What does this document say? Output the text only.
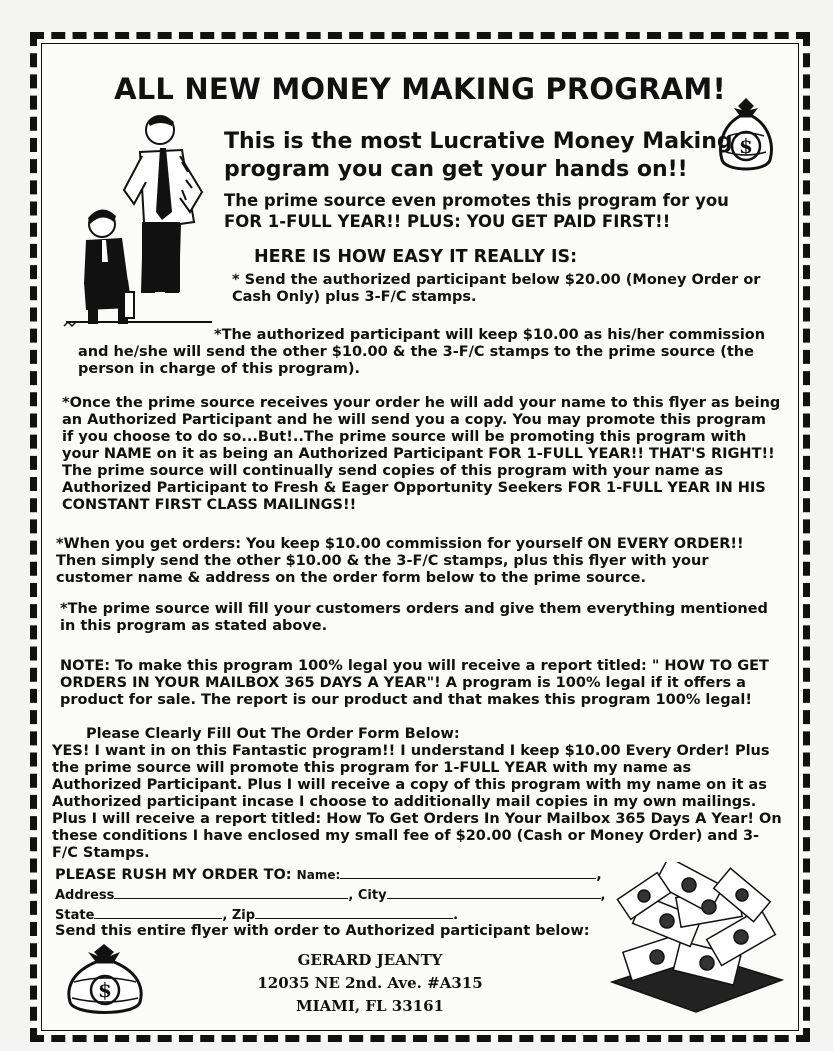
ALL NEW MONEY MAKING PROGRAM!
$
This is the most Lucrative Money Making program you can get your hands on!!
The prime source even promotes this program for you FOR 1-FULL YEAR!! PLUS: YOU GET PAID FIRST!!
HERE IS HOW EASY IT REALLY IS:
* Send the authorized participant below $20.00 (Money Order or Cash Only) plus 3-F/C stamps.
*The authorized participant will keep $10.00 as his/her commission
and he/she will send the other $10.00 & the 3-F/C stamps to the prime source (the person in charge of this program).
*Once the prime source receives your order he will add your name to this flyer as being an Authorized Participant and he will send you a copy. You may promote this program if you choose to do so...But!..The prime source will be promoting this program with your NAME on it as being an Authorized Participant FOR 1-FULL YEAR!! THAT'S RIGHT!! The prime source will continually send copies of this program with your name as Authorized Participant to Fresh & Eager Opportunity Seekers FOR 1-FULL YEAR IN HIS CONSTANT FIRST CLASS MAILINGS!!
*When you get orders: You keep $10.00 commission for yourself ON EVERY ORDER!! Then simply send the other $10.00 & the 3-F/C stamps, plus this flyer with your customer name & address on the order form below to the prime source.
*The prime source will fill your customers orders and give them everything mentioned in this program as stated above.
NOTE: To make this program 100% legal you will receive a report titled: " HOW TO GET ORDERS IN YOUR MAILBOX 365 DAYS A YEAR"! A program is 100% legal if it offers a product for sale. The report is our product and that makes this program 100% legal!
Please Clearly Fill Out The Order Form Below:
YES! I want in on this Fantastic program!! I understand I keep $10.00 Every Order! Plus the prime source will promote this program for 1-FULL YEAR with my name as Authorized Participant. Plus I will receive a copy of this program with my name on it as Authorized participant incase I choose to additionally mail copies in my own mailings. Plus I will receive a report titled: How To Get Orders In Your Mailbox 365 Days A Year! On these conditions I have enclosed my small fee of $20.00 (Cash or Money Order) and 3-F/C Stamps.
PLEASE RUSH MY ORDER TO: Name:	,
Address	, City	,
State	, Zip	.
Send this entire flyer with order to Authorized participant below:
$
GERARD JEANTY
12035 NE 2nd. Ave. #A315
MIAMI, FL 33161
